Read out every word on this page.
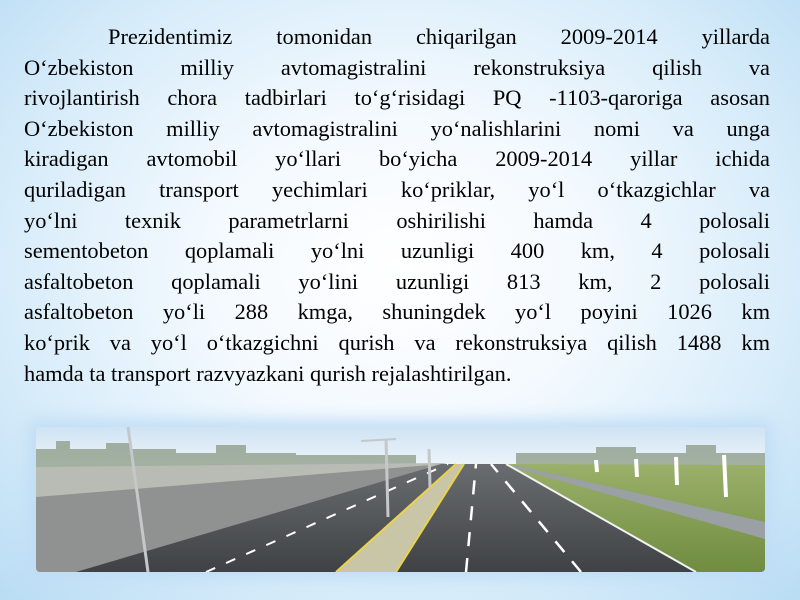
Prezidentimiz tomonidan chiqarilgan 2009-2014 yillarda
O‘zbekiston milliy avtomagistralini rekonstruksiya qilish va
rivojlantirish chora tadbirlari to‘g‘risidagi PQ -1103-qaroriga asosan
O‘zbekiston milliy avtomagistralini yo‘nalishlarini nomi va unga
kiradigan avtomobil yo‘llari bo‘yicha 2009-2014 yillar ichida
quriladigan transport yechimlari ko‘priklar, yo‘l o‘tkazgichlar va
yo‘lni texnik parametrlarni oshirilishi hamda 4 polosali
sementobeton qoplamali yo‘lni uzunligi 400 km, 4 polosali
asfaltobeton qoplamali yo‘lini uzunligi 813 km, 2 polosali
asfaltobeton yo‘li 288 kmga, shuningdek yo‘l poyini 1026 km
ko‘prik va yo‘l o‘tkazgichni qurish va rekonstruksiya qilish 1488 km
hamda ta transport razvyazkani qurish rejalashtirilgan.
